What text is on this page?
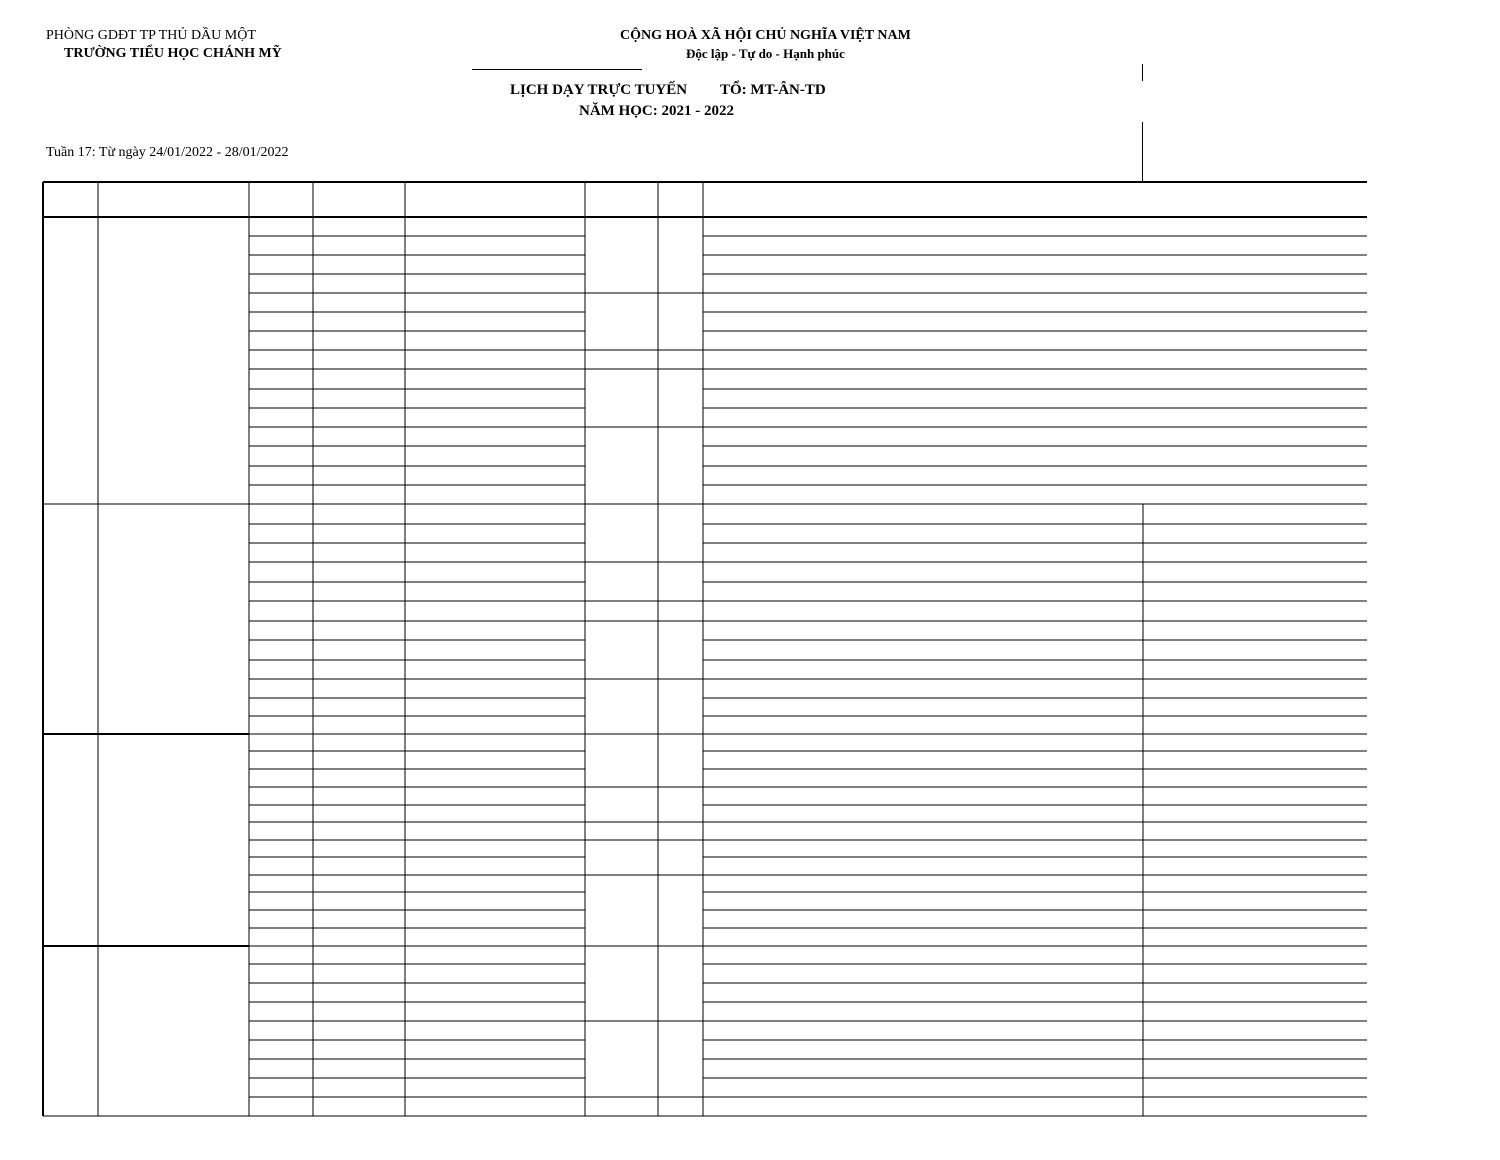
PHÒNG GDĐT TP THỦ DẦU MỘT
TRƯỜNG TIỂU HỌC CHÁNH MỸ
CỘNG HOÀ XÃ HỘI CHỦ NGHĨA VIỆT NAM
Độc lập - Tự do - Hạnh phúc
LỊCH DẠY TRỰC TUYẾN TỔ: MT-ÂN-TD
NĂM HỌC: 2021 - 2022
Tuần 17: Từ ngày 24/01/2022 - 28/01/2022
